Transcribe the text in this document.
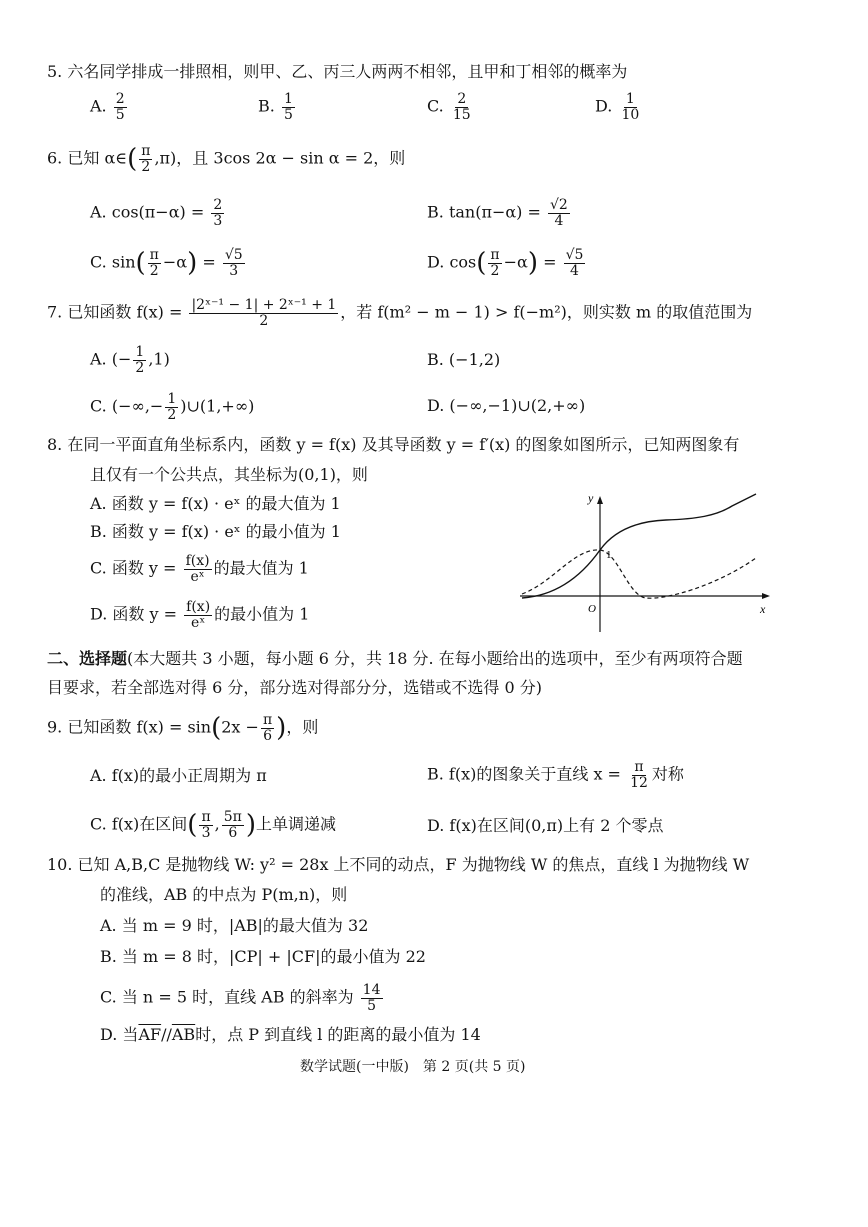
5. 六名同学排成一排照相，则甲、乙、丙三人两两不相邻，且甲和丁相邻的概率为
A. $\frac{2}{5}$	B. $\frac{1}{5}$	C. $\frac{2}{15}$	D. $\frac{1}{10}$
6. 已知 α∈( $\frac{\pi}{2} ,\pi$)，且 3cos 2α − sin α = 2，则
A. $\cos(\pi-\alpha) = \frac{2}{3}$	B. $\tan(\pi-\alpha) = \frac{√2}{4}$
C. $\sin( \frac{\pi}{2} -\alpha) = \frac{√5}{3}$	D. $\cos( \frac{\pi}{2} -\alpha) = \frac{√5}{4}$
7. 已知函数 $f(x) = \frac{\text{|2ˣ⁻¹ − 1| + 2ˣ⁻¹ + 1}}{2}$ ，若 f(m² − m − 1) > f(−m²)，则实数 m 的取值范围为
A. (− $\frac{1}{2} ,1$)	B. (−1,2)
C. (−∞,− $\frac{1}{2}$ )∪(1,+∞)	D. (−∞,−1)∪(2,+∞)
8. 在同一平面直角坐标系内，函数 y = f(x) 及其导函数 y = f′(x) 的图象如图所示，已知两图象有
且仅有一个公共点，其坐标为(0,1)，则
A. 函数 y = f(x) · eˣ 的最大值为 1
B. 函数 y = f(x) · eˣ 的最小值为 1
C. 函数 $y = \frac{f(x)}{\text{eˣ}}$ 的最大值为 1
D. 函数 $y = \frac{f(x)}{\text{eˣ}}$ 的最小值为 1
y
x
O
1
二、选择题(本大题共 3 小题，每小题 6 分，共 18 分. 在每小题给出的选项中，至少有两项符合题
目要求，若全部选对得 6 分，部分选对得部分分，选错或不选得 0 分)
9. 已知函数 $f(x) = \sin(2x - \frac{\pi}{6}$ )，则
A. f(x)的最小正周期为 π	B. f(x)的图象关于直线 $x = \frac{\pi}{12}$ 对称
C. f(x)在区间( $\frac{\pi}{3}$ , $\frac{5\pi}{6}$ )上单调递减	D. f(x)在区间(0,π)上有 2 个零点
10. 已知 A,B,C 是抛物线 W: y² = 28x 上不同的动点，F 为抛物线 W 的焦点，直线 l 为抛物线 W
的准线，AB 的中点为 P(m,n)，则
A. 当 m = 9 时，|AB|的最大值为 32
B. 当 m = 8 时，|CP| + |CF|的最小值为 22
C. 当 n = 5 时，直线 AB 的斜率为 $\frac{14}{5}$
D. 当$\overline{AF}//\overline{AB}$时，点 P 到直线 l 的距离的最小值为 14
数学试题(一中版)　第 2 页(共 5 页)
